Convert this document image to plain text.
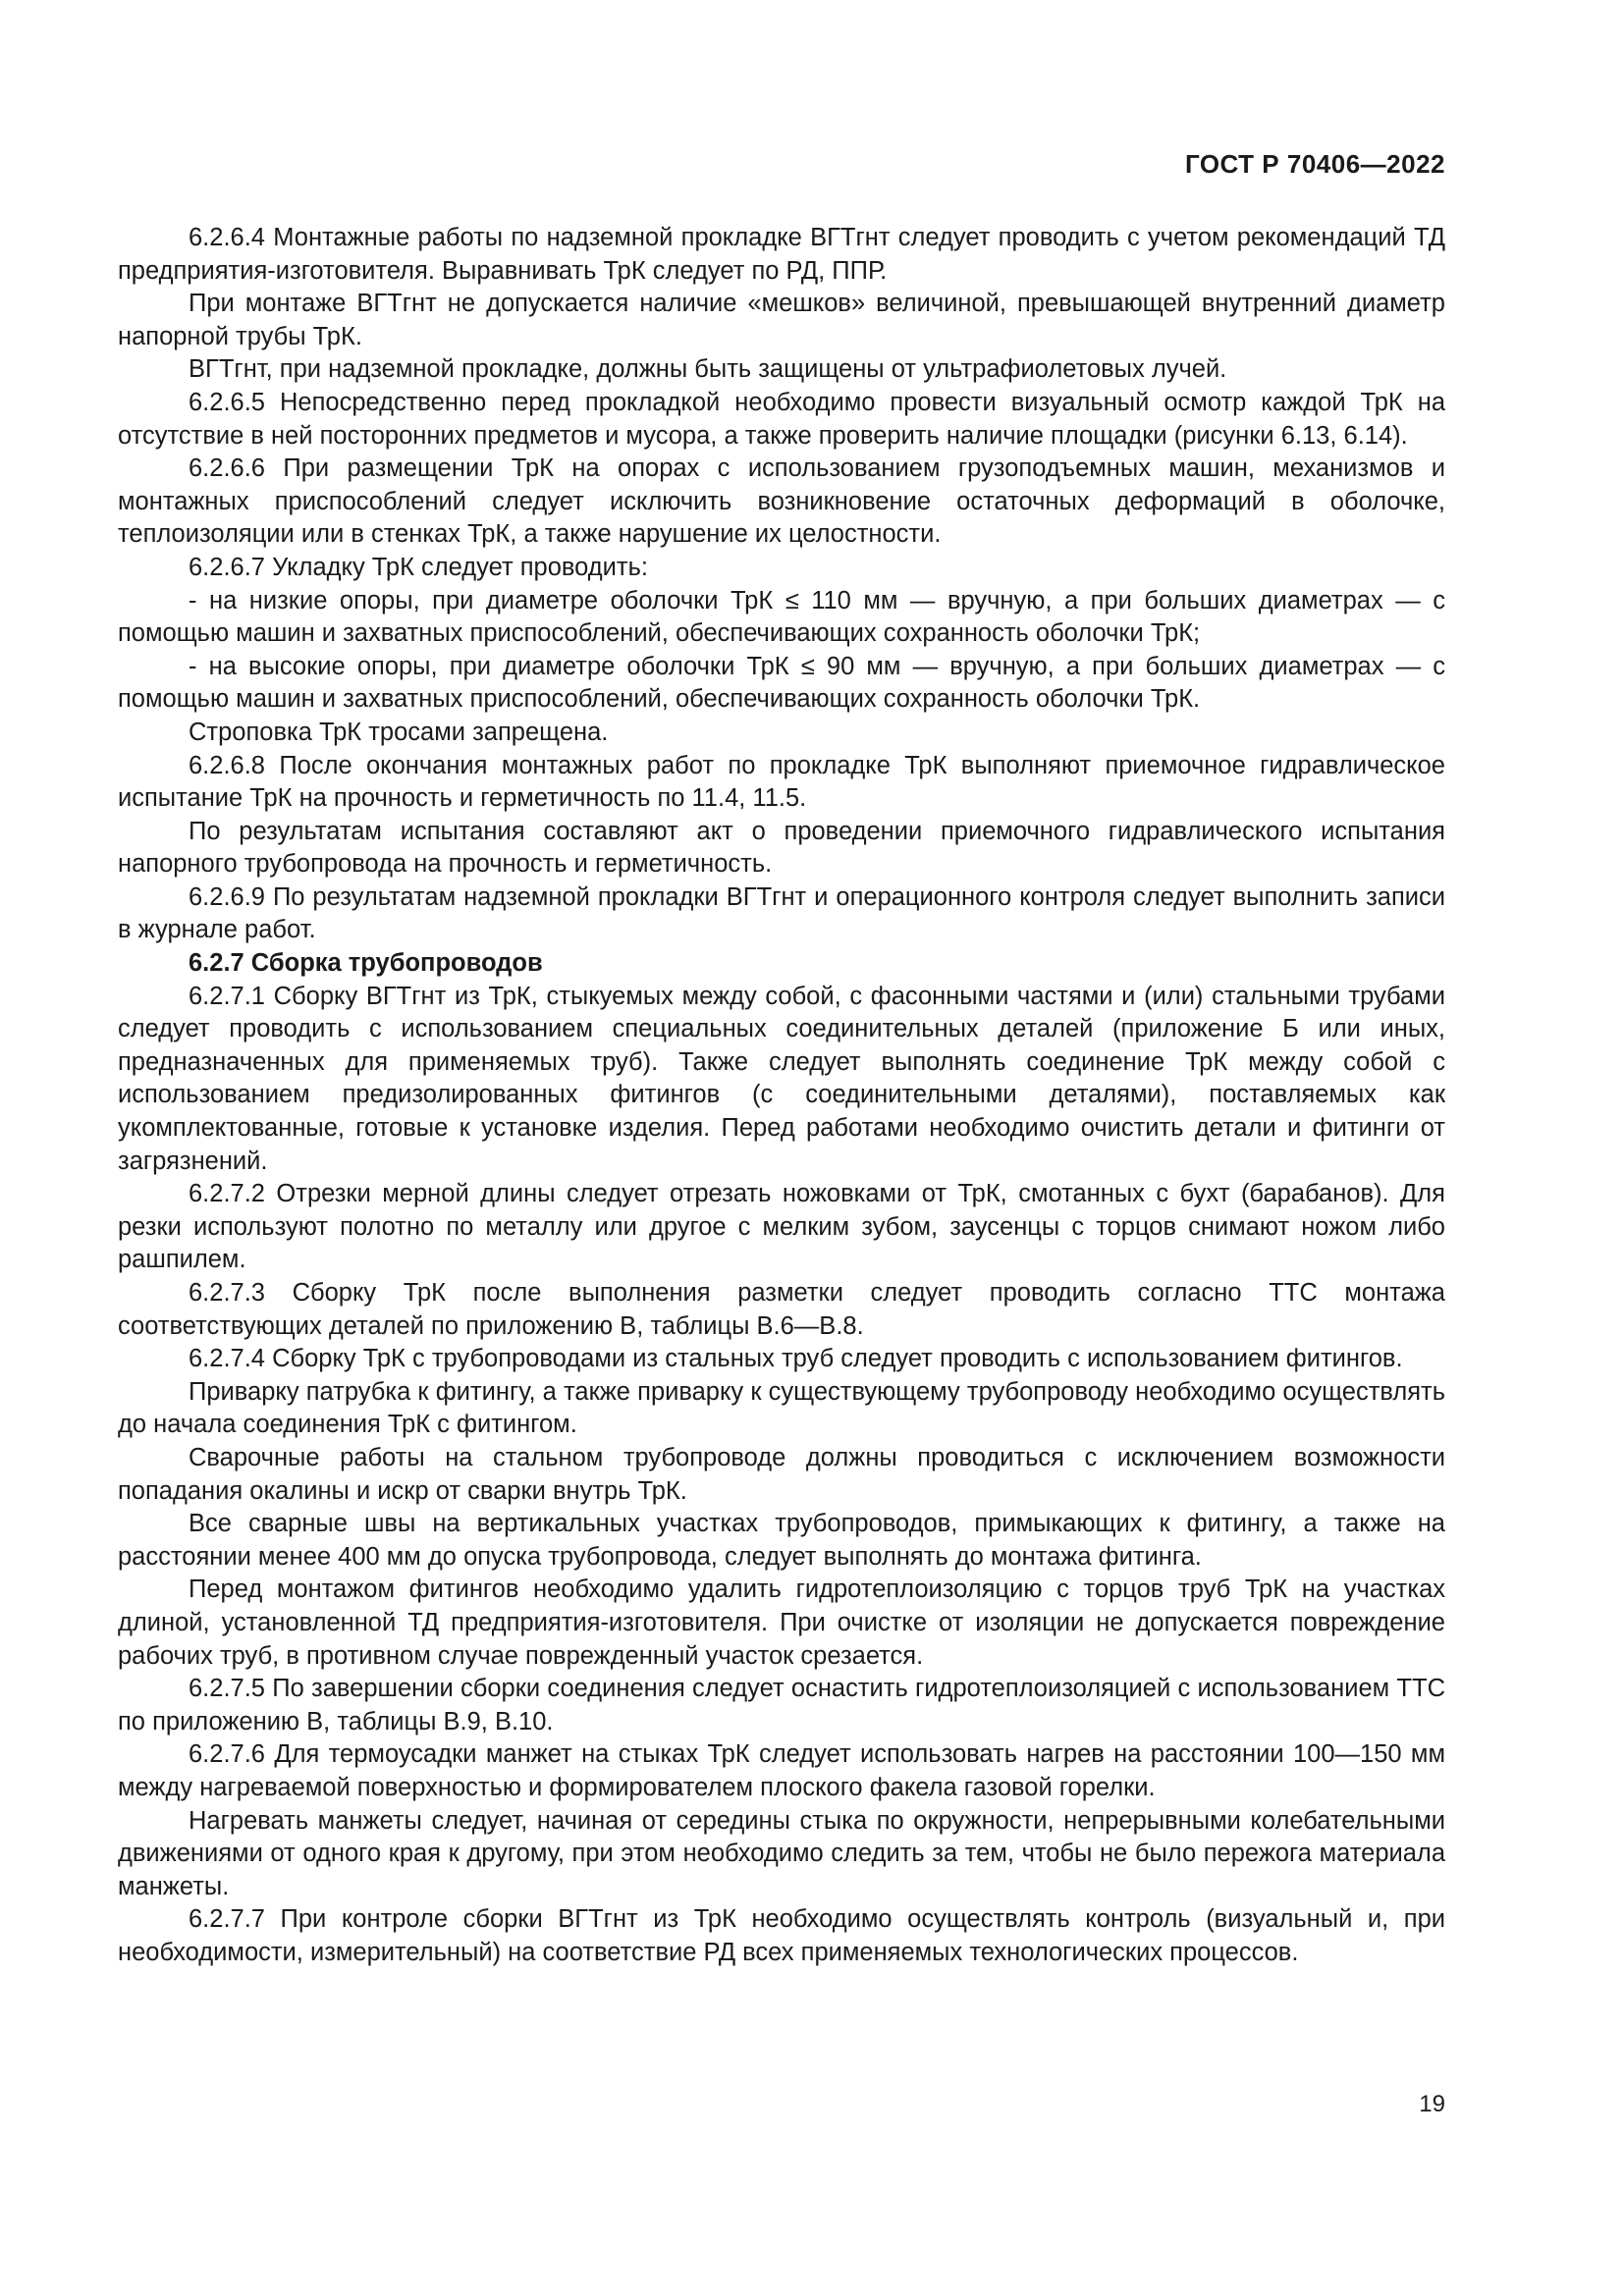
ГОСТ Р 70406—2022

6.2.6.4 Монтажные работы по надземной прокладке ВГТгнт следует проводить с учетом рекомендаций ТД предприятия-изготовителя. Выравнивать ТрК следует по РД, ППР.

При монтаже ВГТгнт не допускается наличие «мешков» величиной, превышающей внутренний диаметр напорной трубы ТрК.

ВГТгнт, при надземной прокладке, должны быть защищены от ультрафиолетовых лучей.

6.2.6.5 Непосредственно перед прокладкой необходимо провести визуальный осмотр каждой ТрК на отсутствие в ней посторонних предметов и мусора, а также проверить наличие площадки (рисунки 6.13, 6.14).

6.2.6.6 При размещении ТрК на опорах с использованием грузоподъемных машин, механизмов и монтажных приспособлений следует исключить возникновение остаточных деформаций в оболочке, теплоизоляции или в стенках ТрК, а также нарушение их целостности.

6.2.6.7 Укладку ТрК следует проводить:

- на низкие опоры, при диаметре оболочки ТрК ≤ 110 мм — вручную, а при больших диаметрах — с помощью машин и захватных приспособлений, обеспечивающих сохранность оболочки ТрК;

- на высокие опоры, при диаметре оболочки ТрК ≤ 90 мм — вручную, а при больших диаметрах — с помощью машин и захватных приспособлений, обеспечивающих сохранность оболочки ТрК.

Строповка ТрК тросами запрещена.

6.2.6.8 После окончания монтажных работ по прокладке ТрК выполняют приемочное гидравлическое испытание ТрК на прочность и герметичность по 11.4, 11.5.

По результатам испытания составляют акт о проведении приемочного гидравлического испытания напорного трубопровода на прочность и герметичность.

6.2.6.9 По результатам надземной прокладки ВГТгнт и операционного контроля следует выполнить записи в журнале работ.

6.2.7 Сборка трубопроводов

6.2.7.1 Сборку ВГТгнт из ТрК, стыкуемых между собой, с фасонными частями и (или) стальными трубами следует проводить с использованием специальных соединительных деталей (приложение Б или иных, предназначенных для применяемых труб). Также следует выполнять соединение ТрК между собой с использованием предизолированных фитингов (с соединительными деталями), поставляемых как укомплектованные, готовые к установке изделия. Перед работами необходимо очистить детали и фитинги от загрязнений.

6.2.7.2 Отрезки мерной длины следует отрезать ножовками от ТрК, смотанных с бухт (барабанов). Для резки используют полотно по металлу или другое с мелким зубом, заусенцы с торцов снимают ножом либо рашпилем.

6.2.7.3 Сборку ТрК после выполнения разметки следует проводить согласно ТТС монтажа соответствующих деталей по приложению В, таблицы В.6—В.8.

6.2.7.4 Сборку ТрК с трубопроводами из стальных труб следует проводить с использованием фитингов.

Приварку патрубка к фитингу, а также приварку к существующему трубопроводу необходимо осуществлять до начала соединения ТрК с фитингом.

Сварочные работы на стальном трубопроводе должны проводиться с исключением возможности попадания окалины и искр от сварки внутрь ТрК.

Все сварные швы на вертикальных участках трубопроводов, примыкающих к фитингу, а также на расстоянии менее 400 мм до опуска трубопровода, следует выполнять до монтажа фитинга.

Перед монтажом фитингов необходимо удалить гидротеплоизоляцию с торцов труб ТрК на участках длиной, установленной ТД предприятия-изготовителя. При очистке от изоляции не допускается повреждение рабочих труб, в противном случае поврежденный участок срезается.

6.2.7.5 По завершении сборки соединения следует оснастить гидротеплоизоляцией с использованием ТТС по приложению В, таблицы В.9, В.10.

6.2.7.6 Для термоусадки манжет на стыках ТрК следует использовать нагрев на расстоянии 100—150 мм между нагреваемой поверхностью и формирователем плоского факела газовой горелки.

Нагревать манжеты следует, начиная от середины стыка по окружности, непрерывными колебательными движениями от одного края к другому, при этом необходимо следить за тем, чтобы не было пережога материала манжеты.

6.2.7.7 При контроле сборки ВГТгнт из ТрК необходимо осуществлять контроль (визуальный и, при необходимости, измерительный) на соответствие РД всех применяемых технологических процессов.

19
